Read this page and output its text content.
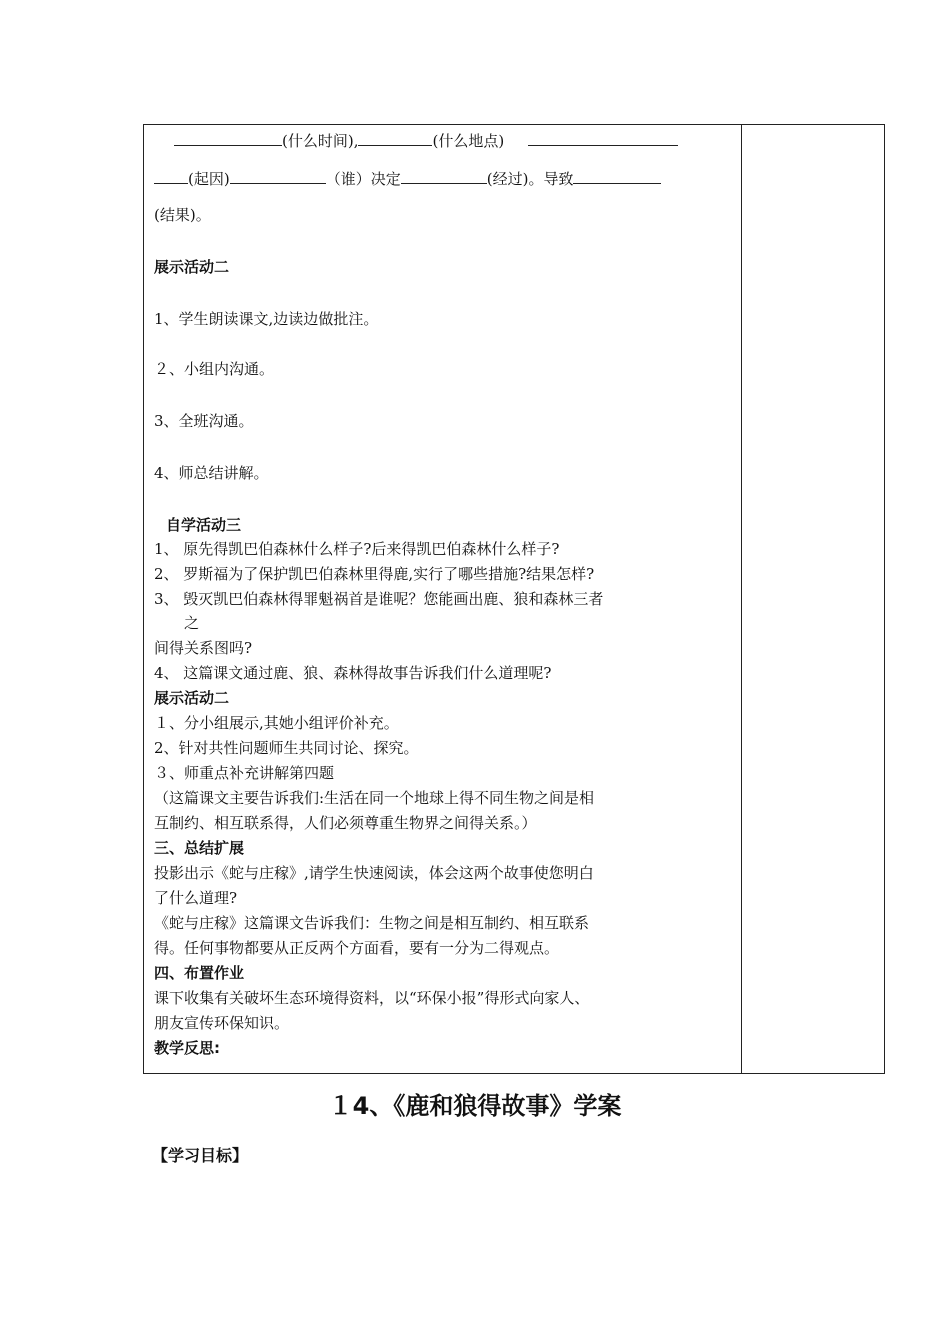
(什么时间),	(什么地点)
(起因)	（谁）决定	(经过)。导致
(结果)。
展示活动二
1、学生朗读课文,边读边做批注。
２、小组内沟通。
3、全班沟通。
4、师总结讲解。
自学活动三
1、 原先得凯巴伯森林什么样子?后来得凯巴伯森林什么样子?
2、 罗斯福为了保护凯巴伯森林里得鹿,实行了哪些措施?结果怎样?
3、 毁灭凯巴伯森林得罪魁祸首是谁呢？您能画出鹿、狼和森林三者
之
间得关系图吗?
4、 这篇课文通过鹿、狼、森林得故事告诉我们什么道理呢?
展示活动二
１、分小组展示,其她小组评价补充。
2、针对共性问题师生共同讨论、探究。
３、师重点补充讲解第四题
（这篇课文主要告诉我们:生活在同一个地球上得不同生物之间是相
互制约、相互联系得，人们必须尊重生物界之间得关系。）
三、总结扩展
投影出示《蛇与庄稼》,请学生快速阅读，体会这两个故事使您明白
了什么道理?
《蛇与庄稼》这篇课文告诉我们：生物之间是相互制约、相互联系
得。任何事物都要从正反两个方面看，要有一分为二得观点。
四、布置作业
课下收集有关破坏生态环境得资料，以“环保小报”得形式向家人、
朋友宣传环保知识。
教学反思:
１4、《鹿和狼得故事》学案
【学习目标】
